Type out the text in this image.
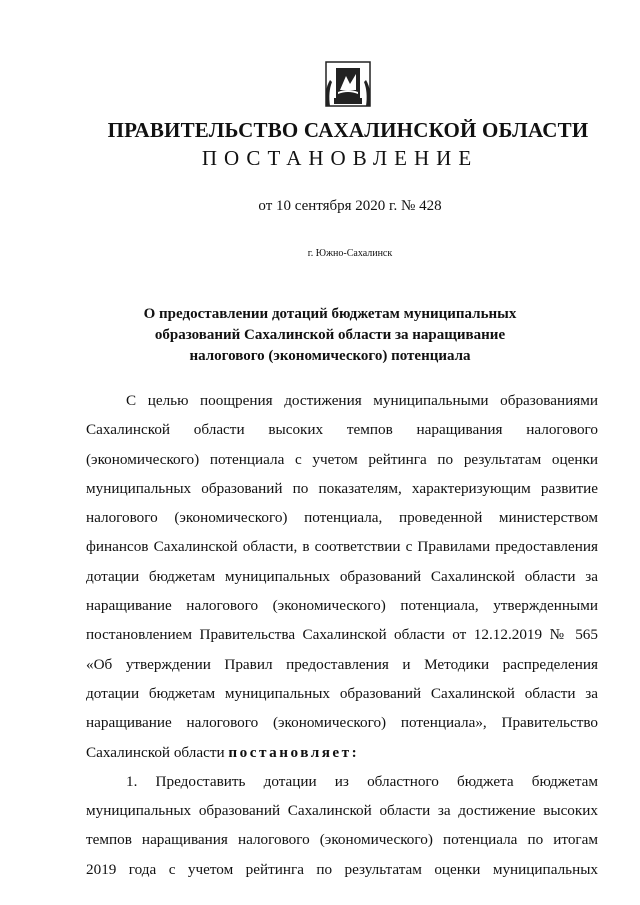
ПРАВИТЕЛЬСТВО САХАЛИНСКОЙ ОБЛАСТИ
ПОСТАНОВЛЕНИЕ
от 10 сентября 2020 г. № 428
г. Южно-Сахалинск
О предоставлении дотаций бюджетам муниципальных
образований Сахалинской области за наращивание
налогового (экономического) потенциала
С целью поощрения достижения муниципальными образованиями
Сахалинской области высоких темпов наращивания налогового
(экономического) потенциала с учетом рейтинга по результатам оценки
муниципальных образований по показателям, характеризующим развитие
налогового (экономического) потенциала, проведенной министерством
финансов Сахалинской области, в соответствии с Правилами предоставления
дотации бюджетам муниципальных образований Сахалинской области за
наращивание налогового (экономического) потенциала, утвержденными
постановлением Правительства Сахалинской области от 12.12.2019 № 565
«Об утверждении Правил предоставления и Методики распределения
дотации бюджетам муниципальных образований Сахалинской области за
наращивание налогового (экономического) потенциала», Правительство
Сахалинской области постановляет:
1. Предоставить дотации из областного бюджета бюджетам
муниципальных образований Сахалинской области за достижение высоких
темпов наращивания налогового (экономического) потенциала по итогам
2019 года с учетом рейтинга по результатам оценки муниципальных
